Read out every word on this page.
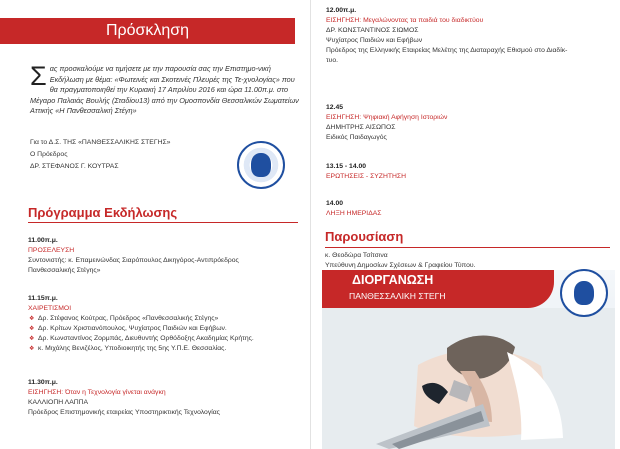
Πρόσκληση
Σ ας προσκαλούμε να τιμήσετε με την παρουσία σας την Επιστημο-νική Εκδήλωση με θέμα: «Φωτεινές και Σκοτεινές Πλευρές της Τε-χνολογίας» που θα πραγματοποιηθεί την Κυριακή 17 Απριλίου 2016 και ώρα 11.00π.μ. στο Μέγαρο Παλαιάς Βουλής (Σταδίου13) από την Ομοσπονδία Θεσσαλικών Σωματείων Αττικής «Η Πανθεσσαλική Στέγη»
Για το Δ.Σ. ΤΗΣ «ΠΑΝΘΕΣΣΑΛΙΚΗΣ ΣΤΕΓΗΣ»
Ο Πρόεδρος
ΔΡ. ΣΤΕΦΑΝΟΣ Γ. ΚΟΥΤΡΑΣ
Πρόγραμμα Εκδήλωσης
11.00π.μ.
ΠΡΟΣΕΛΕΥΣΗ
Συντονιστής: κ. Επαμεινώνδας Σιαρόπουλος Δικηγόρος-Αντιπρόεδρος
Πανθεσσαλικής Στέγης»
11.15π.μ.
ΧΑΙΡΕΤΙΣΜΟΙ
❖ Δρ. Στέφανος Κούτρας, Πρόεδρος «Πανθεσσαλικής Στέγης»
❖ Δρ. Κρίτων Χριστιανόπουλος, Ψυχίατρος Παιδιών και Εφήβων.
❖ Δρ. Κωνσταντίνος Ζορμπάς, Διευθυντής Ορθόδοξης Ακαδημίας Κρήτης.
❖ κ. Μιχάλης Βενιζέλος, Υποδιοικητής της 5ης Υ.Π.Ε. Θεσσαλίας.
11.30π.μ.
ΕΙΣΗΓΗΣΗ: Όταν η Τεχνολογία γίνεται ανάγκη
ΚΑΛΛΙΟΠΗ ΛΑΠΠΑ
Πρόεδρος Επιστημονικής εταιρείας Υποστηρικτικής Τεχνολογίας
12.00π.μ.
ΕΙΣΗΓΗΣΗ: Μεγαλώνοντας τα παιδιά του διαδικτύου
ΔΡ. ΚΩΝΣΤΑΝΤΙΝΟΣ ΣΙΩΜΟΣ
Ψυχίατρος Παιδιών και Εφήβων
Πρόεδρος της Ελληνικής Εταιρείας Μελέτης της Διαταραχής Εθισμού στο Διαδίκ-
τυο.
12.45
ΕΙΣΗΓΗΣΗ: Ψηφιακή Αφήγηση Ιστοριών
ΔΗΜΗΤΡΗΣ ΑΙΣΩΠΟΣ
Ειδικός Παιδαγωγός
13.15 - 14.00
ΕΡΩΤΗΣΕΙΣ - ΣΥΖΗΤΗΣΗ
14.00
ΛΗΞΗ ΗΜΕΡΙΔΑΣ
Παρουσίαση
κ. Θεοδώρα Τσίτσινα
Υπεύθυνη Δημοσίων Σχέσεων & Γραφείου Τύπου.
ΔΙΟΡΓΑΝΩΣΗ
ΠΑΝΘΕΣΣΑΛΙΚΗ ΣΤΕΓΗ
